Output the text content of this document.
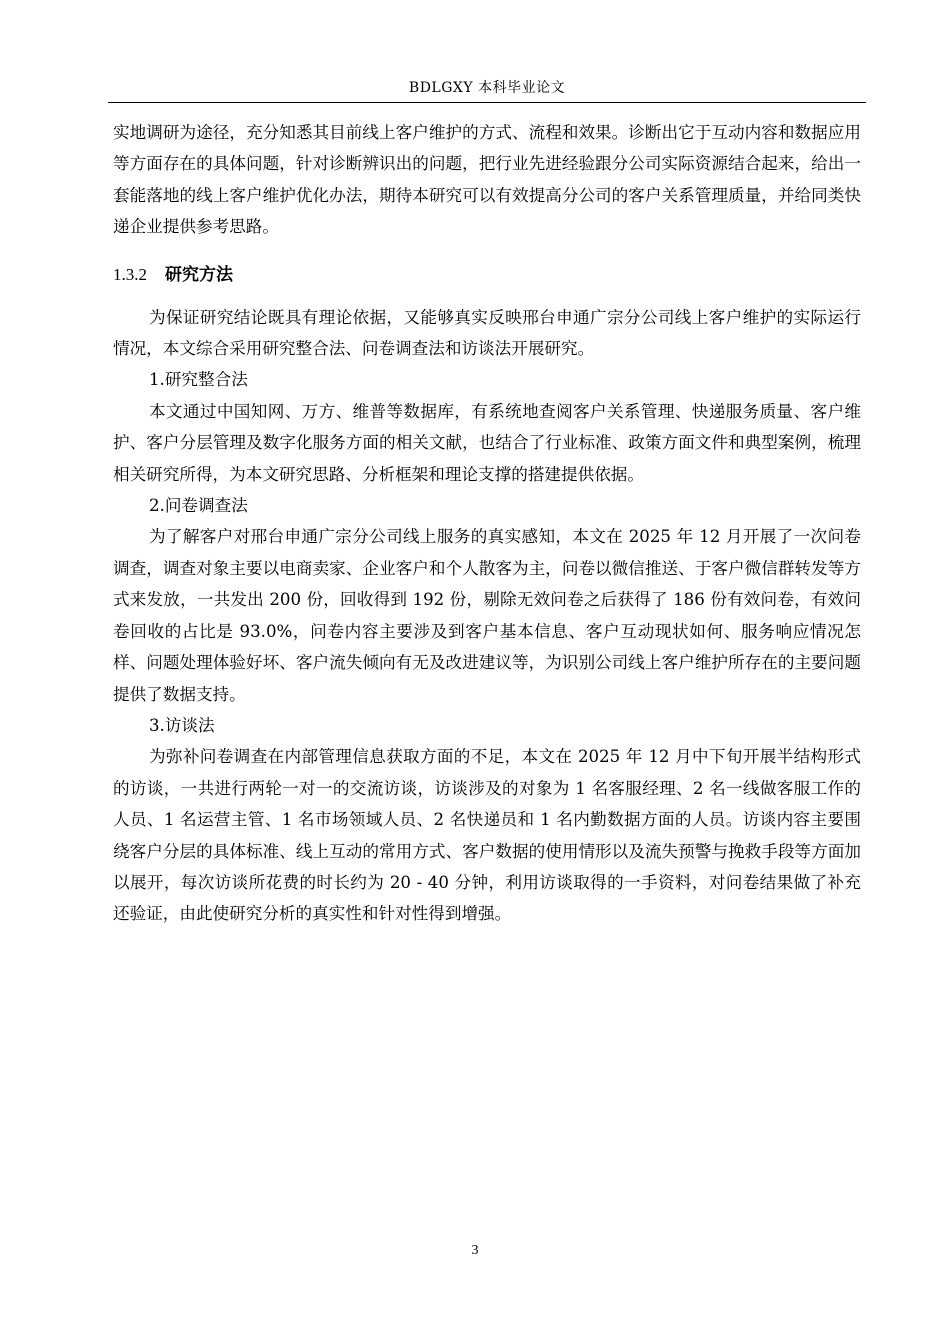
BDLGXY 本科毕业论文

实地调研为途径，充分知悉其目前线上客户维护的方式、流程和效果。诊断出它于互动内容和数据应用等方面存在的具体问题，针对诊断辨识出的问题，把行业先进经验跟分公司实际资源结合起来，给出一套能落地的线上客户维护优化办法，期待本研究可以有效提高分公司的客户关系管理质量，并给同类快递企业提供参考思路。

1.3.2 研究方法

为保证研究结论既具有理论依据，又能够真实反映邢台申通广宗分公司线上客户维护的实际运行情况，本文综合采用研究整合法、问卷调查法和访谈法开展研究。

1.研究整合法

本文通过中国知网、万方、维普等数据库，有系统地查阅客户关系管理、快递服务质量、客户维护、客户分层管理及数字化服务方面的相关文献，也结合了行业标准、政策方面文件和典型案例，梳理相关研究所得，为本文研究思路、分析框架和理论支撑的搭建提供依据。

2.问卷调查法

为了解客户对邢台申通广宗分公司线上服务的真实感知，本文在 2025 年 12 月开展了一次问卷调查，调查对象主要以电商卖家、企业客户和个人散客为主，问卷以微信推送、于客户微信群转发等方式来发放，一共发出 200 份，回收得到 192 份，剔除无效问卷之后获得了 186 份有效问卷，有效问卷回收的占比是 93.0%，问卷内容主要涉及到客户基本信息、客户互动现状如何、服务响应情况怎样、问题处理体验好坏、客户流失倾向有无及改进建议等，为识别公司线上客户维护所存在的主要问题提供了数据支持。

3.访谈法

为弥补问卷调查在内部管理信息获取方面的不足，本文在 2025 年 12 月中下旬开展半结构形式的访谈，一共进行两轮一对一的交流访谈，访谈涉及的对象为 1 名客服经理、2 名一线做客服工作的人员、1 名运营主管、1 名市场领域人员、2 名快递员和 1 名内勤数据方面的人员。访谈内容主要围绕客户分层的具体标准、线上互动的常用方式、客户数据的使用情形以及流失预警与挽救手段等方面加以展开，每次访谈所花费的时长约为 20 - 40 分钟，利用访谈取得的一手资料，对问卷结果做了补充还验证，由此使研究分析的真实性和针对性得到增强。

3
